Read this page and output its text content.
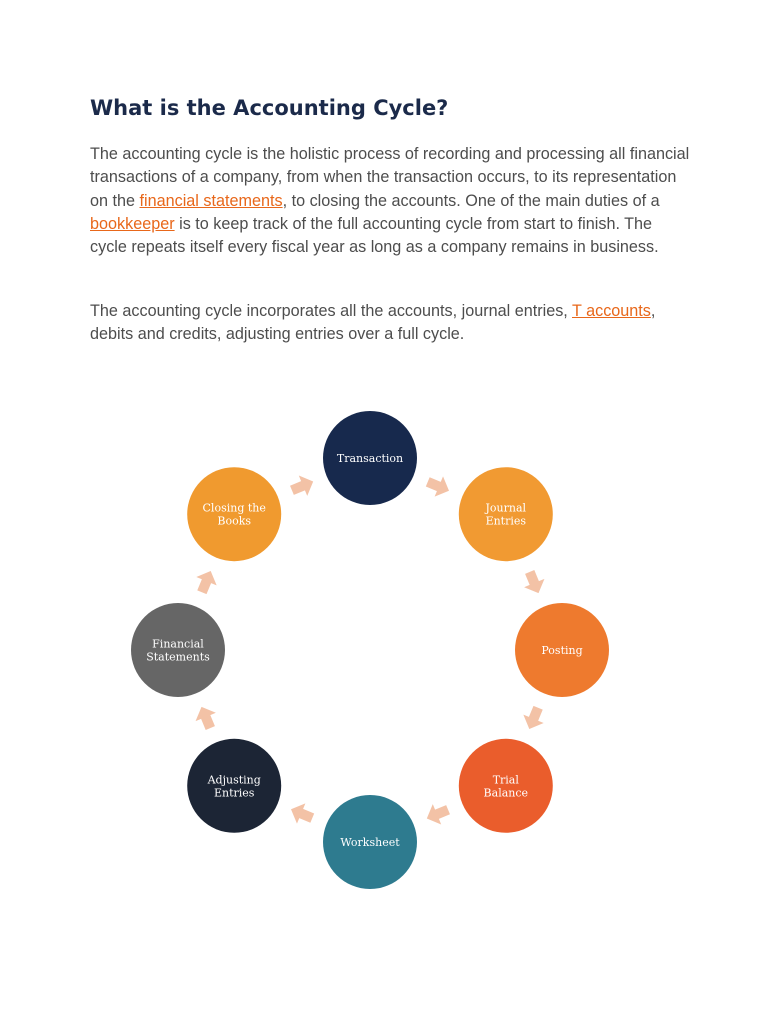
What is the Accounting Cycle?

The accounting cycle is the holistic process of recording and processing all financial transactions of a company, from when the transaction occurs, to its representation on the financial statements, to closing the accounts. One of the main duties of a bookkeeper is to keep track of the full accounting cycle from start to finish. The cycle repeats itself every fiscal year as long as a company remains in business.

The accounting cycle incorporates all the accounts, journal entries, T accounts, debits and credits, adjusting entries over a full cycle.

Transaction
Journal Entries
Posting
Trial Balance
Worksheet
Adjusting Entries
Financial Statements
Closing the Books
